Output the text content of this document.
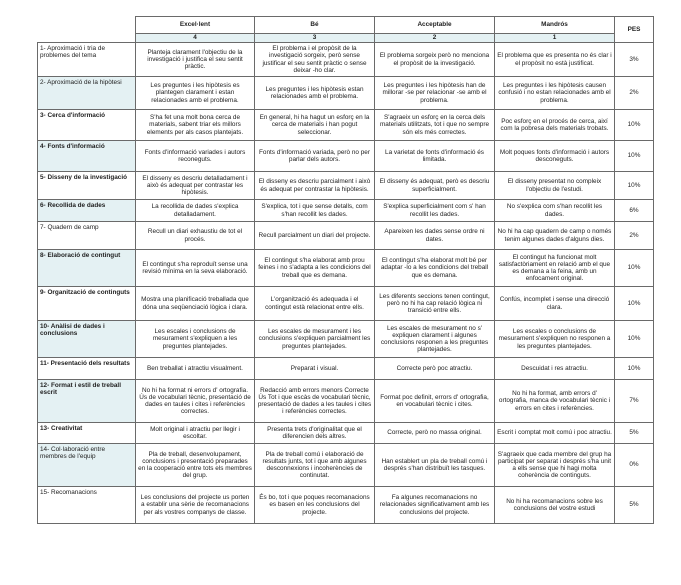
	Excel·lent	Bé	Acceptable	Mandrós	PES
	4	3	2	1	
1- Aproximació i tria de problemes del tema	Planteja clarament l'objectiu de la investigació i justifica el seu sentit pràctic.	El problema i el propòsit de la investigació sorgeix, però sense justificar el seu sentit pràctic o sense deixar -ho clar.	El problema sorgeix però no menciona el propòsit de la investigació.	El problema que es presenta no és clar i el propòsit no està justificat.	3%
2- Aproximació de la hipòtesi	Les preguntes i les hipòtesis es plantegen clarament i estan relacionades amb el problema.	Les preguntes i les hipòtesis estan relacionades amb el problema.	Les preguntes i les hipòtesis han de millorar -se per relacionar -se amb el problema.	Les preguntes i les hipòtesis causen confusió i no estan relacionades amb el problema.	2%
3- Cerca d'informació	S'ha fet una molt bona cerca de materials, sabent triar els millors elements per als casos plantejats.	En general, hi ha hagut un esforç en la cerca de materials i han pogut seleccionar.	S'agraeix un esforç en la cerca dels materials utilitzats, tot i que no sempre són els més correctes.	Poc esforç en el procés de cerca, així com la pobresa dels materials trobats.	10%
4- Fonts d'informació	Fonts d'informació variades i autors reconeguts.	Fonts d'informació variada, però no per parlar dels autors.	La varietat de fonts d'informació és limitada.	Molt poques fonts d'informació i autors desconeguts.	10%
5- Disseny de la investigació	El disseny es descriu detalladament i això és adequat per contrastar les hipòtesis.	El disseny es descriu parcialment i això és adequat per contrastar la hipòtesis.	El disseny és adequat, però es descriu superficialment.	El disseny presentat no compleix l'objectiu de l'estudi.	10%
6- Recollida de dades	La recollida de dades s'explica detalladament.	S'explica, tot i que sense detalls, com s'han recollit les dades.	S'explica superficialment com s' han recollit les dades.	No s'explica com s'han recollit les dades.	6%
7- Quadern de camp	Recull un diari exhaustiu de tot el procés.	Recull parcialment un diari del projecte.	Apareixen les dades sense ordre ni dates.	No hi ha cap quadern de camp o només tenim algunes dades d'alguns dies.	2%
8- Elaboració de contingut	El contingut s'ha reproduït sense una revisió mínima en la seva elaboració.	El contingut s'ha elaborat amb prou feines i no s'adapta a les condicions del treball que es demana.	El contingut s'ha elaborat molt bé per adaptar -lo a les condicions del treball que es demana.	El contingut ha funcionat molt satisfactòriament en relació amb el que es demana a la feina, amb un enfocament original.	10%
9- Organització de continguts	Mostra una planificació treballada que dóna una seqüenciació lògica i clara.	L'organització és adequada i el contingut està relacionat entre ells.	Les diferents seccions tenen contingut, però no hi ha cap relació lògica ni transició entre ells.	Confús, incomplet i sense una direcció clara.	10%
10- Anàlisi de dades i conclusions	Les escales i conclusions de mesurament s'expliquen a les preguntes plantejades.	Les escales de mesurament i les conclusions s'expliquen parcialment les preguntes plantejades.	Les escales de mesurament no s' expliquen clarament i algunes conclusions responen a les preguntes plantejades.	Les escales o conclusions de mesurament s'expliquen no responen a les preguntes plantejades.	10%
11- Presentació dels resultats	Ben treballat i atractiu visualment.	Preparat i visual.	Correcte però poc atractiu.	Descuidat i res atractiu.	10%
12- Format i estil de treball escrit	No hi ha format ni errors d' ortografia. Ús de vocabulari tècnic, presentació de dades en taules i cites i referències correctes.	Redacció amb errors menors Correcte Ús Tot i que escàs de vocabulari tècnic, presentació de dades a les taules i cites i referències correctes.	Format poc definit, errors d' ortografia, en vocabulari tècnic i cites.	No hi ha format, amb errors d' ortografia, manca de vocabulari tècnic i errors en cites i referències.	7%
13- Creativitat	Molt original i atractiu per llegir i escoltar.	Presenta trets d'originalitat que el diferencien dels altres.	Correcte, però no massa original.	Escrit i comptat molt comú i poc atractiu.	5%
14- Col·laboració entre membres de l'equip	Pla de treball, desenvolupament, conclusions i presentació preparades en la cooperació entre tots els membres del grup.	Pla de treball comú i elaboració de resultats junts, tot i que amb algunes desconnexions i incoherències de continutat.	Han establert un pla de treball comú i després s'han distribuït les tasques.	S'agraeix que cada membre del grup ha participat per separat i després s'ha unit a ells sense que hi hagi molta coherència de continguts.	0%
15- Recomanacions	Les conclusions del projecte us porten a establir una sèrie de recomanacions per als vostres companys de classe.	És bo, tot i que poques recomanacions es basen en les conclusions del projecte.	Fa algunes recomanacions no relacionades significativament amb les conclusions del projecte.	No hi ha recomanacions sobre les conclusions del vostre estudi	5%
